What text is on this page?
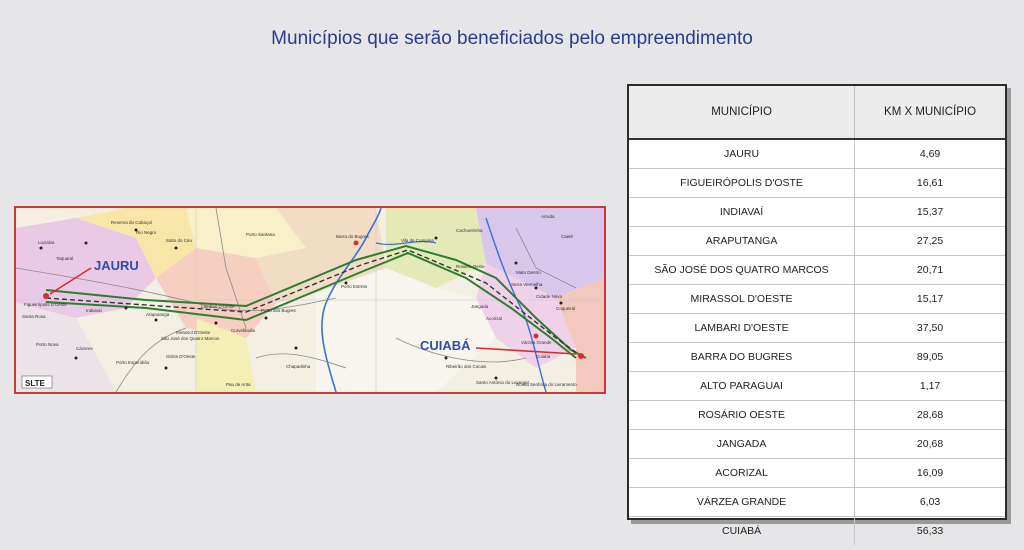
Municípios que serão beneficiados pelo empreendimento
JAURU
CUIABÁ
SLTE
Lucialva
Taquaral
Reserva do Cabaçal
Rio Negro
Salto do Céu
Porto Santana	Barra do Bugres
Vila de Cumpina
Cachoeirinha
Arruda
Caeté
Nossa Senhora do Livramento
Indiavaí
Figueirópolis D'Oeste
Porto Estrela
Santa Rosa	Araputanga
Lambari D'Oeste
Mirassol D'Oeste	Curvelândia
São José dos Quatro Marcos
Glória D'Oeste
Porto Esperidião
Cáceres
Porto dos Bugres
Chapadinha
Várzea Grande
Acorizal
Jangada
Rosário Oeste
Cuiabá
Porto Nova
Pau de Anta	Santo Antônio do Leverger
Ribeirão dos Cocais
Mato Dentro
Serra Vermelha
Cidade Nova
Coqueiral
MUNICÍPIO	KM X MUNICÍPIO
JAURU	4,69
FIGUEIRÓPOLIS D'OSTE	16,61
INDIAVAÍ	15,37
ARAPUTANGA	27,25
SÃO JOSÉ DOS QUATRO MARCOS	20,71
MIRASSOL D'OESTE	15,17
LAMBARI D'OESTE	37,50
BARRA DO BUGRES	89,05
ALTO PARAGUAI	1,17
ROSÁRIO OESTE	28,68
JANGADA	20,68
ACORIZAL	16,09
VÁRZEA GRANDE	6,03
CUIABÁ	56,33
